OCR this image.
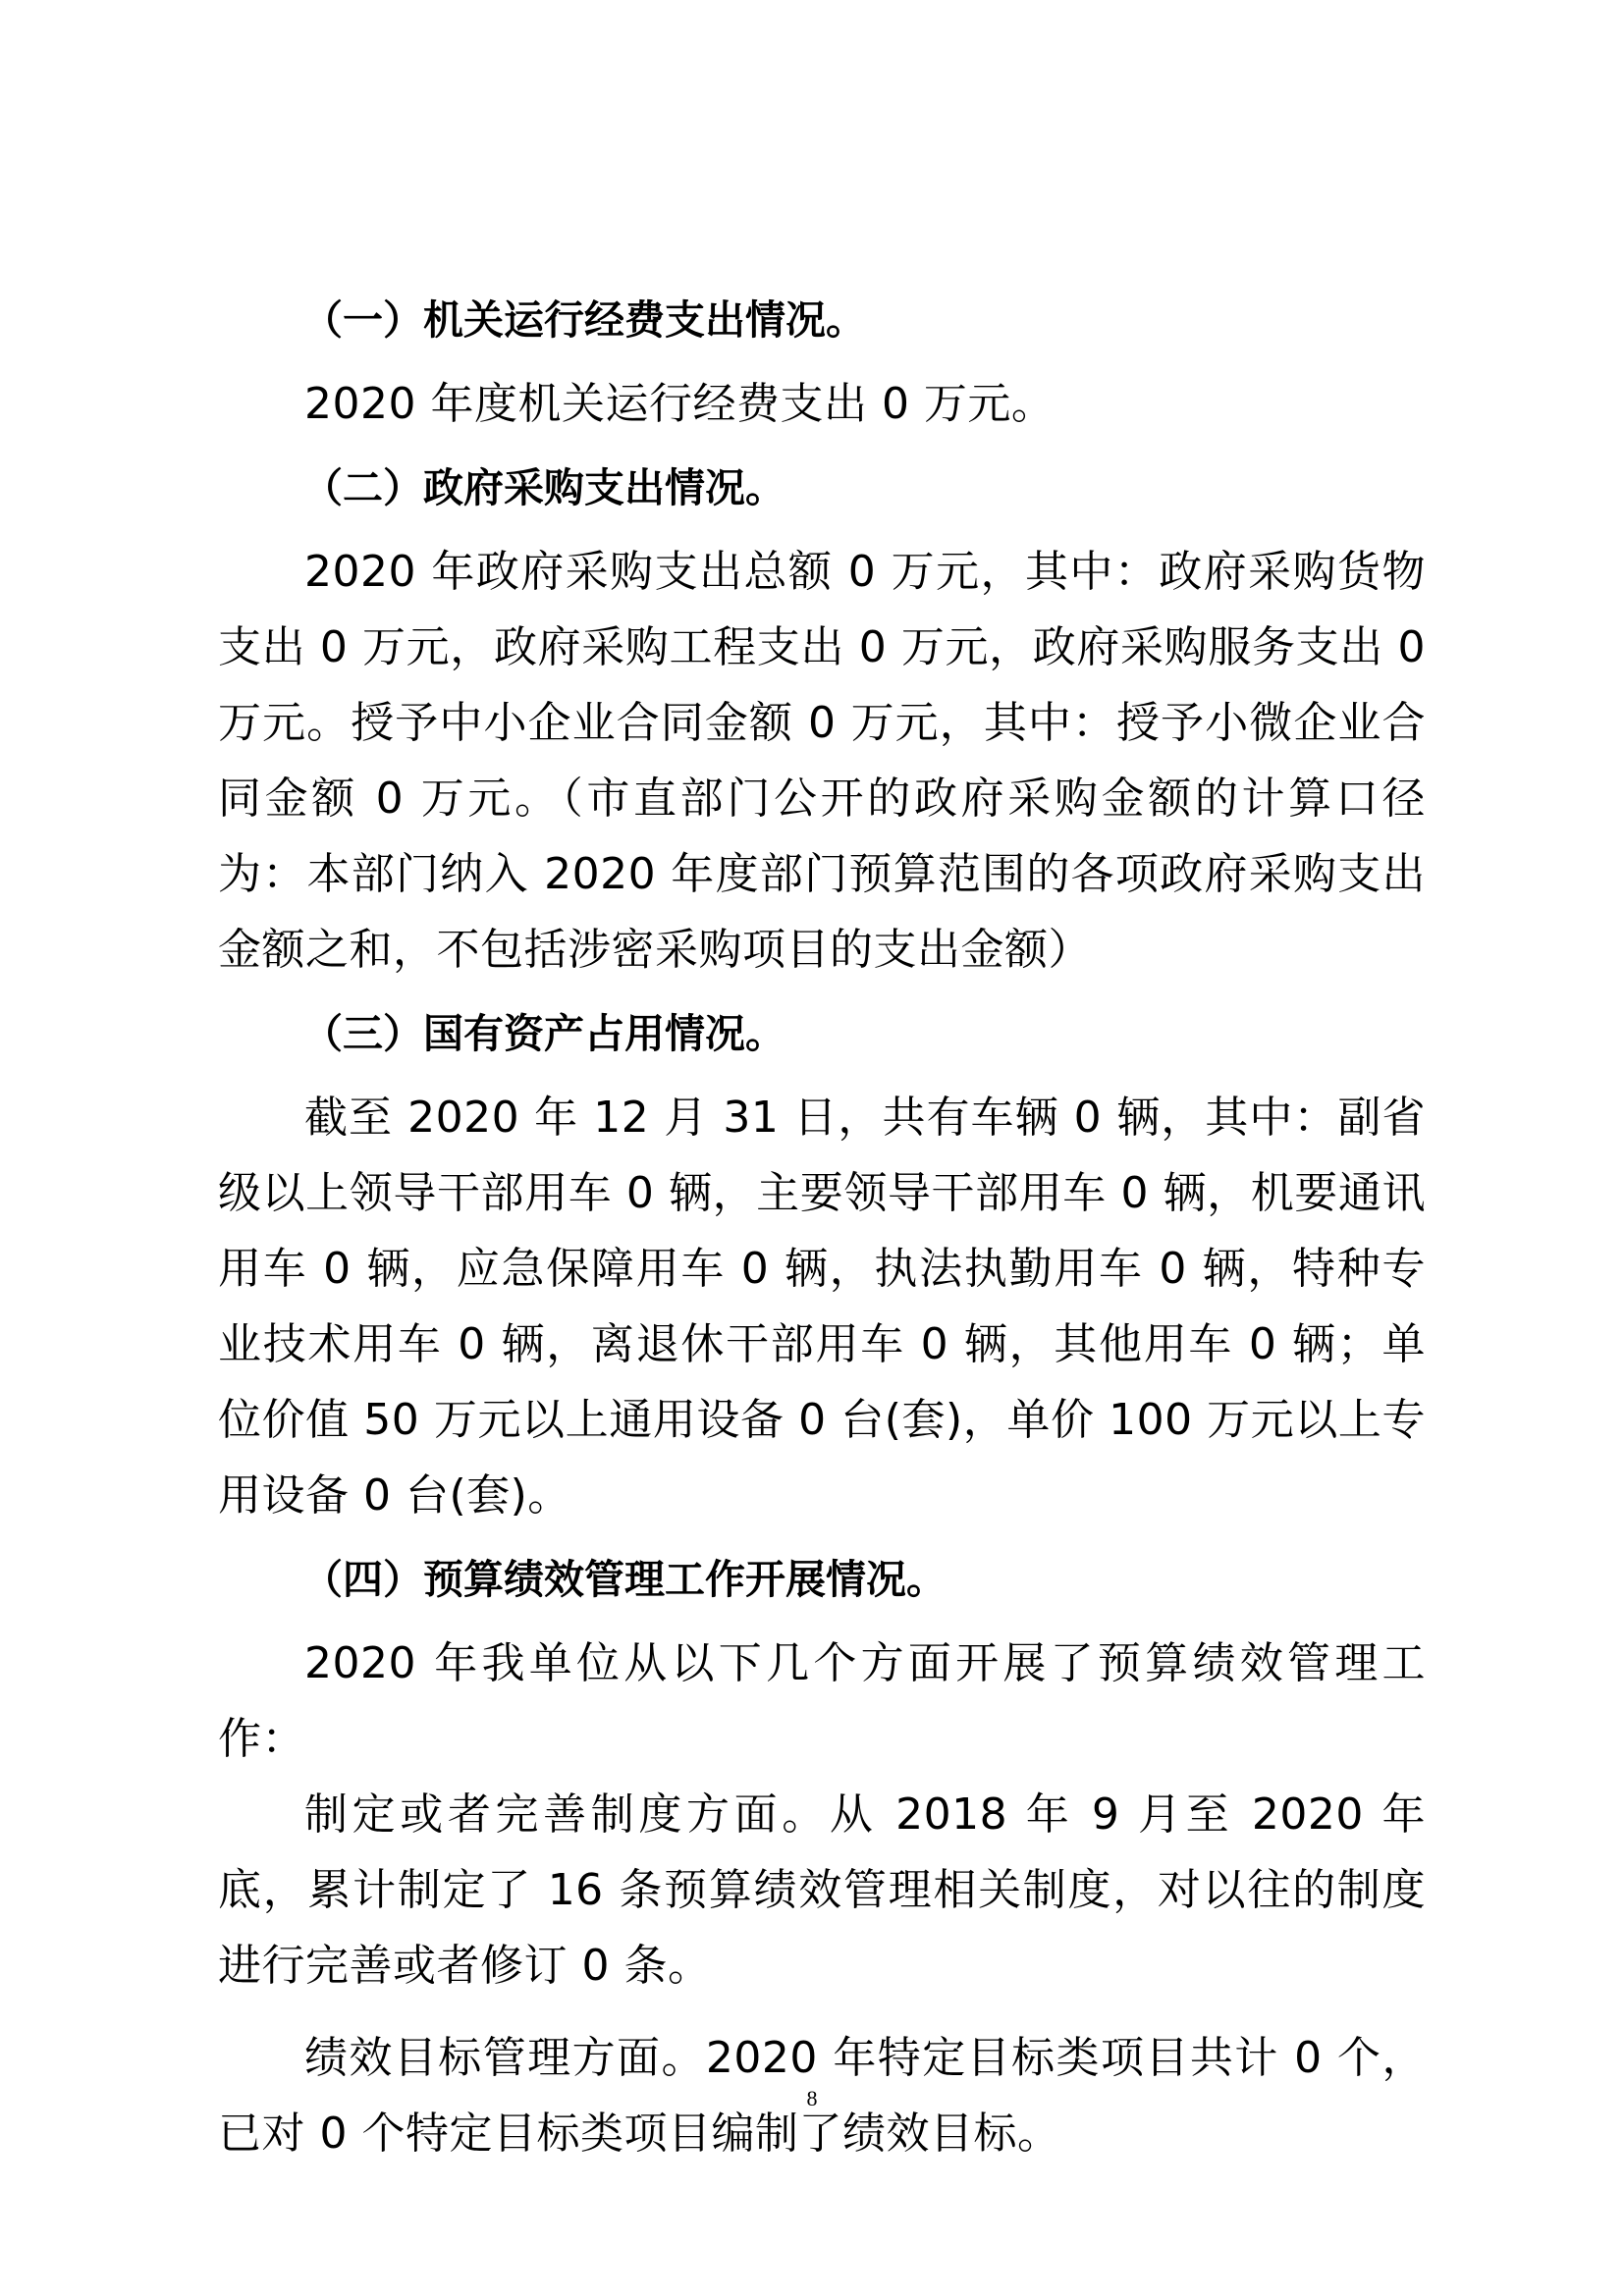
（一）机关运行经费支出情况。

2020 年度机关运行经费支出 0 万元。

（二）政府采购支出情况。

2020 年政府采购支出总额 0 万元，其中：政府采购货物支出 0 万元，政府采购工程支出 0 万元，政府采购服务支出 0 万元。授予中小企业合同金额 0 万元，其中：授予小微企业合同金额 0 万元。（市直部门公开的政府采购金额的计算口径为：本部门纳入 2020 年度部门预算范围的各项政府采购支出金额之和，不包括涉密采购项目的支出金额）

（三）国有资产占用情况。

截至 2020 年 12 月 31 日，共有车辆 0 辆，其中：副省级以上领导干部用车 0 辆，主要领导干部用车 0 辆，机要通讯用车 0 辆，应急保障用车 0 辆，执法执勤用车 0 辆，特种专业技术用车 0 辆，离退休干部用车 0 辆，其他用车 0 辆；单位价值 50 万元以上通用设备 0 台(套)，单价 100 万元以上专用设备 0 台(套)。

（四）预算绩效管理工作开展情况。

2020 年我单位从以下几个方面开展了预算绩效管理工作：

制定或者完善制度方面。从 2018 年 9 月至 2020 年底，累计制定了 16 条预算绩效管理相关制度，对以往的制度进行完善或者修订 0 条。

绩效目标管理方面。2020 年特定目标类项目共计 0 个，已对 0 个特定目标类项目编制了绩效目标。

8
